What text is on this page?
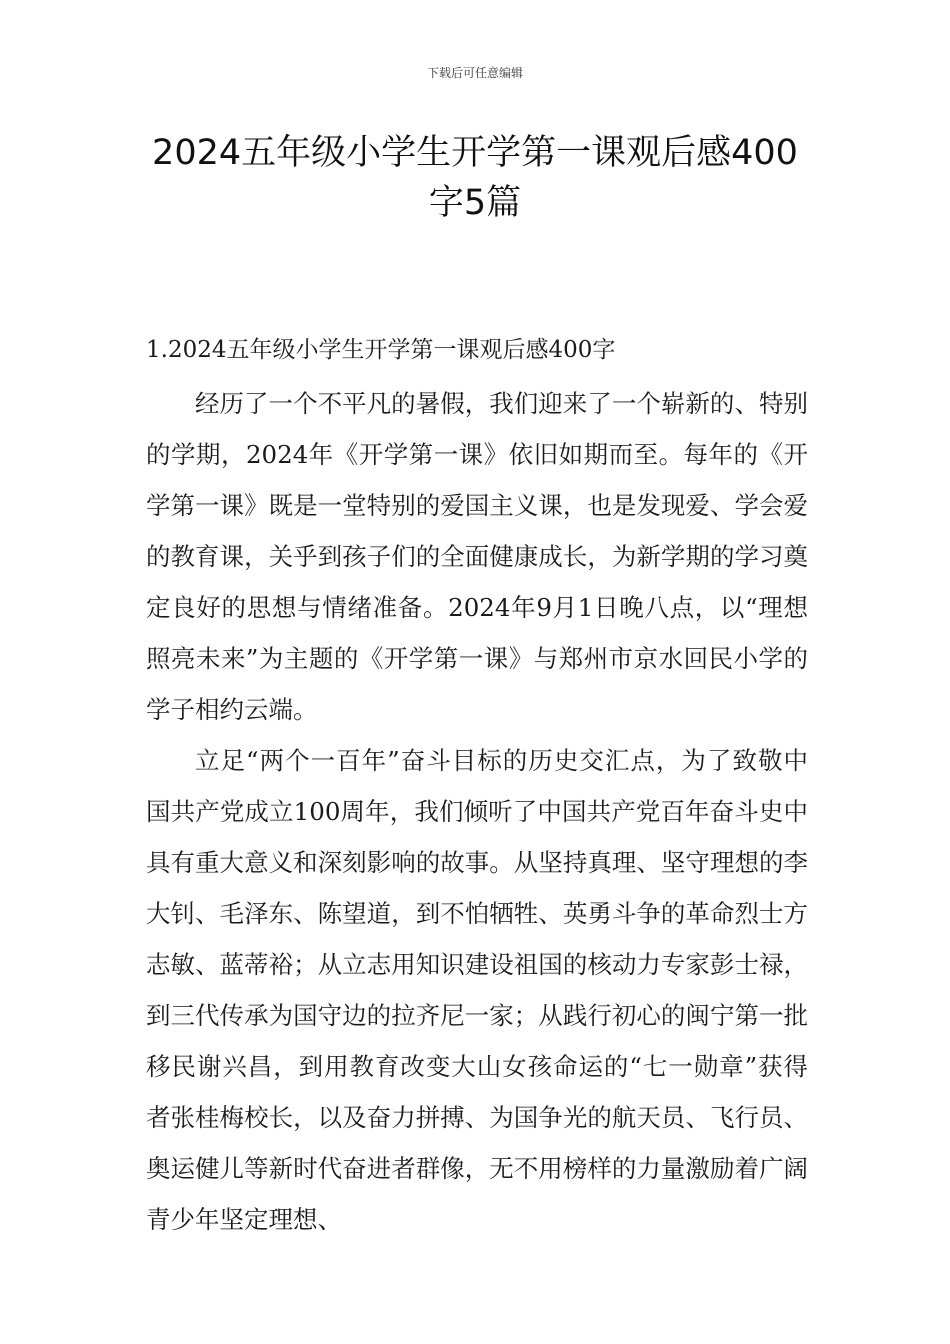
下载后可任意编辑
2024五年级小学生开学第一课观后感400字5篇
1.2024五年级小学生开学第一课观后感400字

经历了一个不平凡的暑假，我们迎来了一个崭新的、特别的学期，2024年《开学第一课》依旧如期而至。每年的《开学第一课》既是一堂特别的爱国主义课，也是发现爱、学会爱的教育课，关乎到孩子们的全面健康成长，为新学期的学习奠定良好的思想与情绪准备。2024年9月1日晚八点，以“理想照亮未来”为主题的《开学第一课》与郑州市京水回民小学的学子相约云端。

立足“两个一百年”奋斗目标的历史交汇点，为了致敬中国共产党成立100周年，我们倾听了中国共产党百年奋斗史中具有重大意义和深刻影响的故事。从坚持真理、坚守理想的李大钊、毛泽东、陈望道，到不怕牺牲、英勇斗争的革命烈士方志敏、蓝蒂裕；从立志用知识建设祖国的核动力专家彭士禄，到三代传承为国守边的拉齐尼一家；从践行初心的闽宁第一批移民谢兴昌，到用教育改变大山女孩命运的“七一勋章”获得者张桂梅校长，以及奋力拼搏、为国争光的航天员、飞行员、奥运健儿等新时代奋进者群像，无不用榜样的力量激励着广阔青少年坚定理想、
